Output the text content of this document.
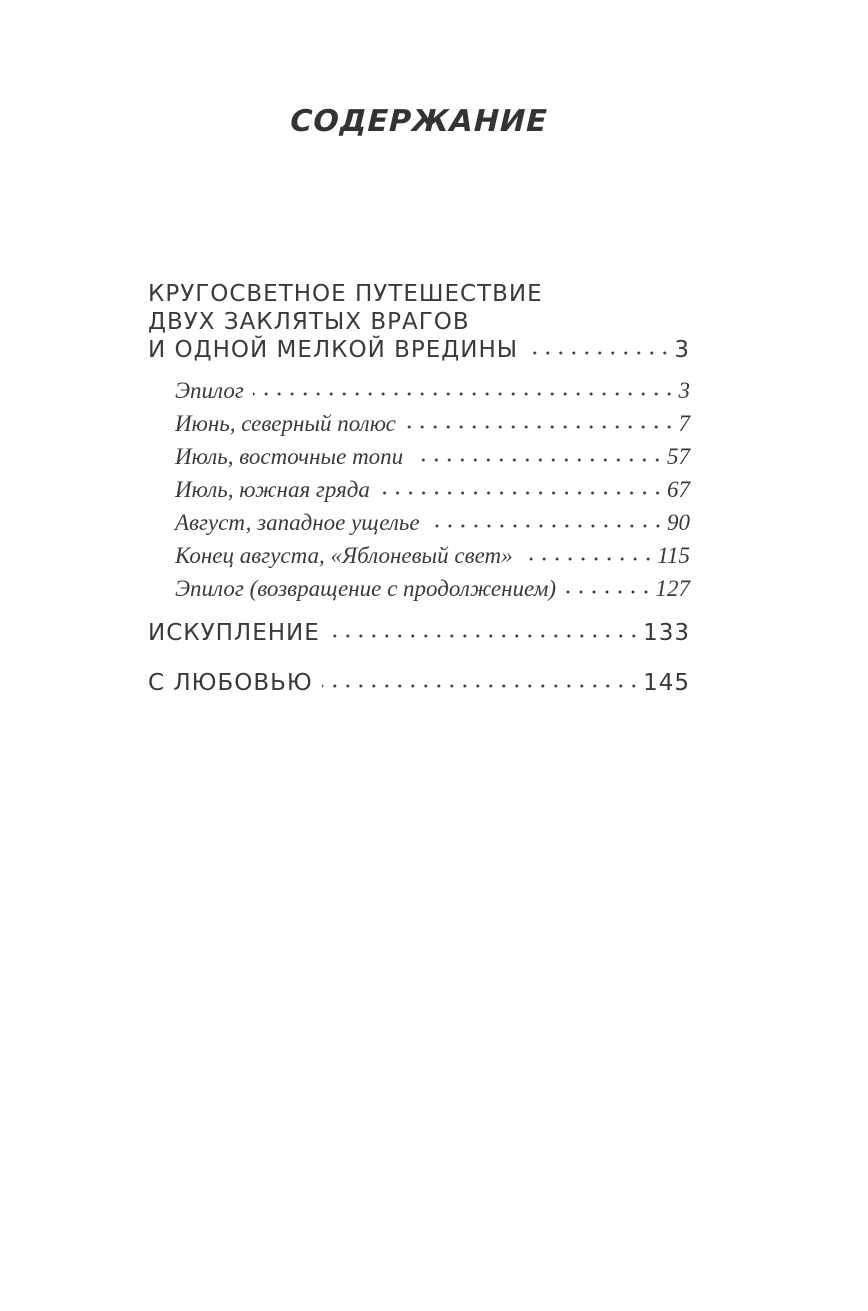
СОДЕРЖАНИЕ
КРУГОСВЕТНОЕ ПУТЕШЕСТВИЕ
ДВУХ ЗАКЛЯТЫХ ВРАГОВ
И ОДНОЙ МЕЛКОЙ ВРЕДИНЫ	3
Эпилог	3
Июнь, северный полюс	7
Июль, восточные топи	57
Июль, южная гряда	67
Август, западное ущелье	90
Конец августа, «Яблоневый свет»	115
Эпилог (возвращение с продолжением)	127
ИСКУПЛЕНИЕ	133
С ЛЮБОВЬЮ	145
